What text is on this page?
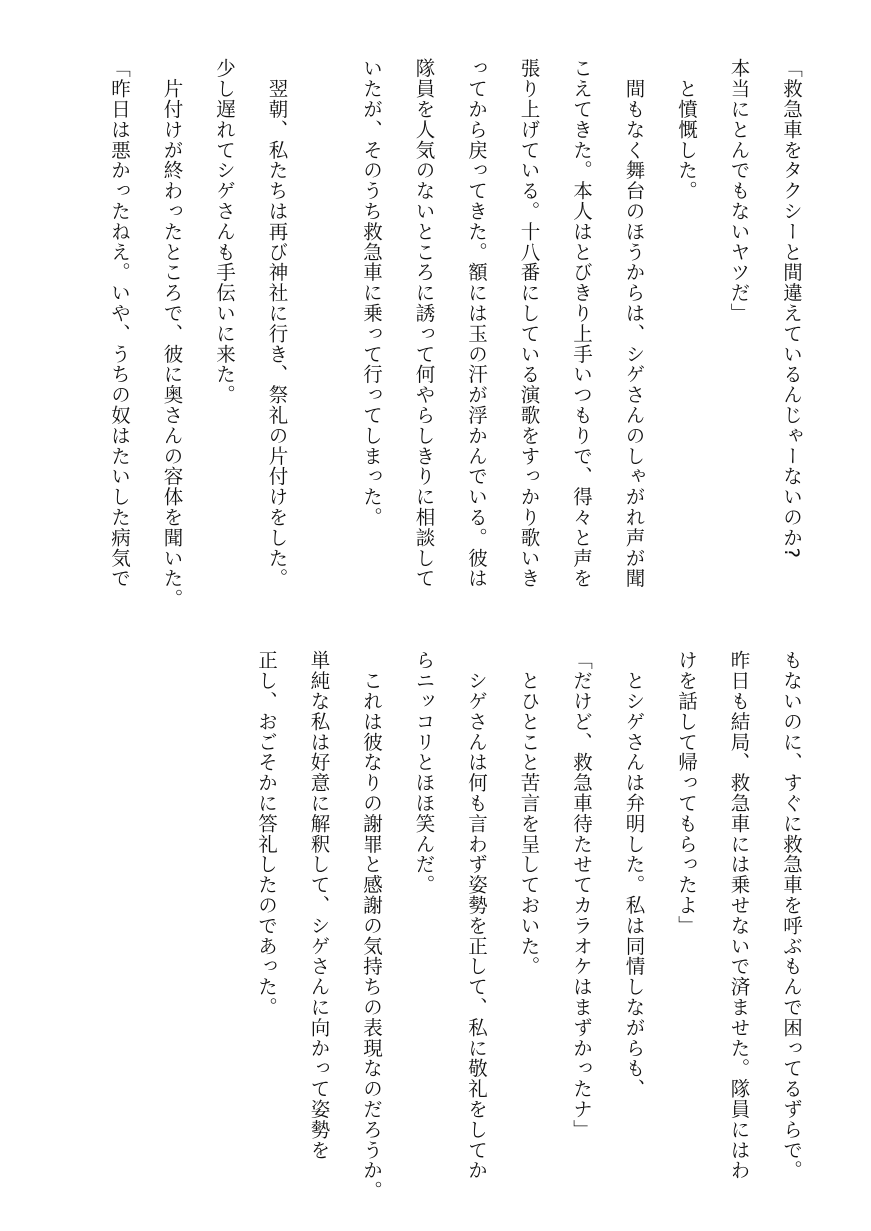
「救急車をタクシーと間違えているんじゃーないのか?
本当にとんでもないヤツだ」
　と憤慨した。
　間もなく舞台のほうからは、シゲさんのしゃがれ声が聞
こえてきた。本人はとびきり上手いつもりで、得々と声を
張り上げている。十八番にしている演歌をすっかり歌いき
ってから戻ってきた。額には玉の汗が浮かんでいる。彼は
隊員を人気のないところに誘って何やらしきりに相談して
いたが、そのうち救急車に乗って行ってしまった。
　翌朝、私たちは再び神社に行き、祭礼の片付けをした。
少し遅れてシゲさんも手伝いに来た。
　片付けが終わったところで、彼に奥さんの容体を聞いた。
「昨日は悪かったねえ。いや、うちの奴はたいした病気で
もないのに、すぐに救急車を呼ぶもんで困ってるずらで。
昨日も結局、救急車には乗せないで済ませた。隊員にはわ
けを話して帰ってもらったよ」
　とシゲさんは弁明した。私は同情しながらも、
「だけど、救急車待たせてカラオケはまずかったナ」
　とひとこと苦言を呈しておいた。
　シゲさんは何も言わず姿勢を正して、私に敬礼をしてか
らニッコリとほほ笑んだ。
　これは彼なりの謝罪と感謝の気持ちの表現なのだろうか。
単純な私は好意に解釈して、シゲさんに向かって姿勢を
正し、おごそかに答礼したのであった。
